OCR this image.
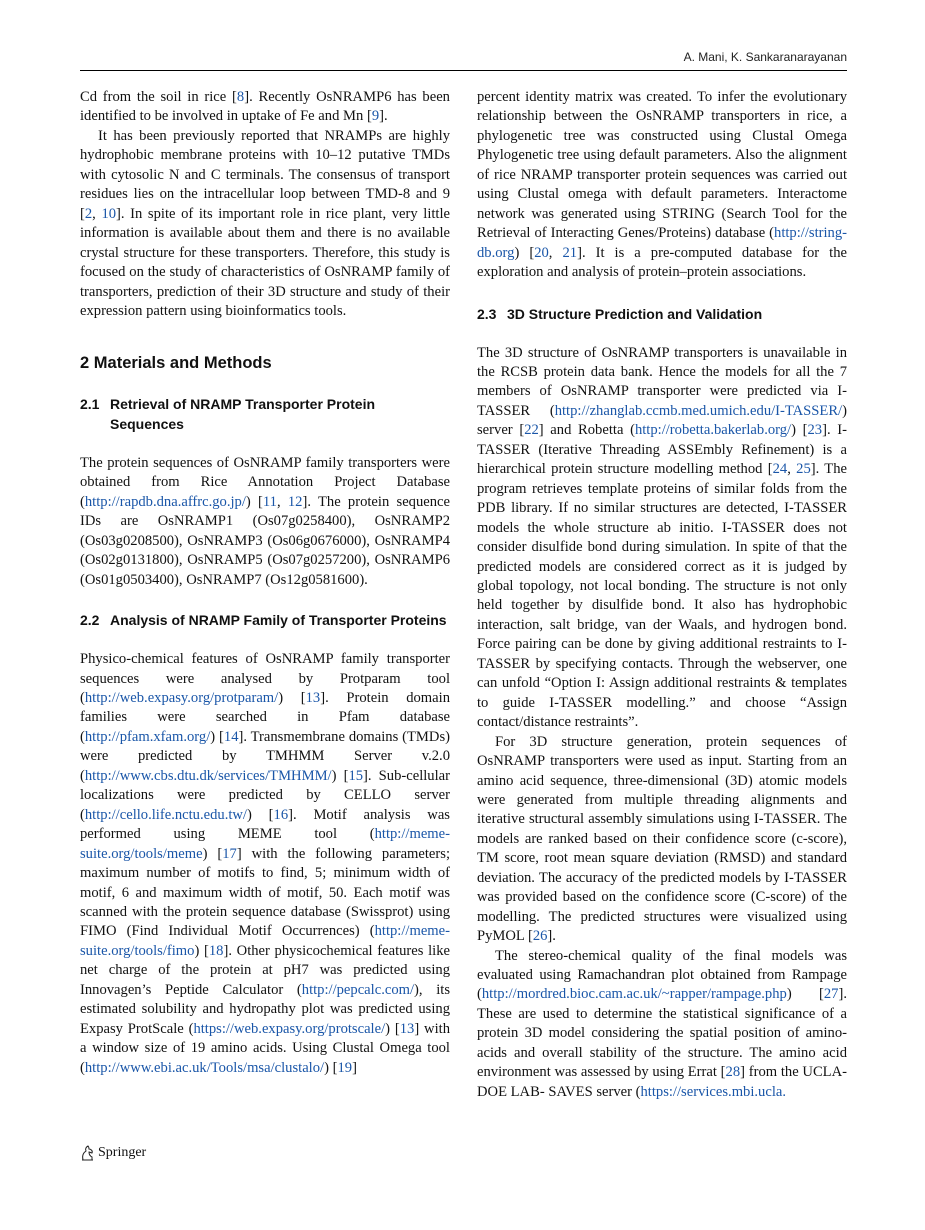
A. Mani, K. Sankaranarayanan

Cd from the soil in rice [8]. Recently OsNRAMP6 has been identified to be involved in uptake of Fe and Mn [9].

It has been previously reported that NRAMPs are highly hydrophobic membrane proteins with 10–12 putative TMDs with cytosolic N and C terminals. The consensus of transport residues lies on the intracellular loop between TMD-8 and 9 [2, 10]. In spite of its important role in rice plant, very little information is available about them and there is no available crystal structure for these transporters. Therefore, this study is focused on the study of characteristics of OsNRAMP family of transporters, prediction of their 3D structure and study of their expression pattern using bioinformatics tools.

2 Materials and Methods
2.1 Retrieval of NRAMP Transporter Protein Sequences

The protein sequences of OsNRAMP family transporters were obtained from Rice Annotation Project Database (http://rapdb.dna.affrc.go.jp/) [11, 12]. The protein sequence IDs are OsNRAMP1 (Os07g0258400), OsNRAMP2 (Os03g0208500), OsNRAMP3 (Os06g0676000), OsNRAMP4 (Os02g0131800), OsNRAMP5 (Os07g0257200), OsNRAMP6 (Os01g0503400), OsNRAMP7 (Os12g0581600).

2.2 Analysis of NRAMP Family of Transporter Proteins

Physico-chemical features of OsNRAMP family transporter sequences were analysed by Protparam tool (http://web.expasy.org/protparam/) [13]. Protein domain families were searched in Pfam database (http://pfam.xfam.org/) [14]. Transmembrane domains (TMDs) were predicted by TMHMM Server v.2.0 (http://www.cbs.dtu.dk/services/TMHMM/) [15]. Sub-cellular localizations were predicted by CELLO server (http://cello.life.nctu.edu.tw/) [16]. Motif analysis was performed using MEME tool (http://meme-suite.org/tools/meme) [17] with the following parameters; maximum number of motifs to find, 5; minimum width of motif, 6 and maximum width of motif, 50. Each motif was scanned with the protein sequence database (Swissprot) using FIMO (Find Individual Motif Occurrences) (http://meme-suite.org/tools/fimo) [18]. Other physicochemical features like net charge of the protein at pH7 was predicted using Innovagen’s Peptide Calculator (http://pepcalc.com/), its estimated solubility and hydropathy plot was predicted using Expasy ProtScale (https://web.expasy.org/protscale/) [13] with a window size of 19 amino acids. Using Clustal Omega tool (http://www.ebi.ac.uk/Tools/msa/clustalo/) [19]

percent identity matrix was created. To infer the evolutionary relationship between the OsNRAMP transporters in rice, a phylogenetic tree was constructed using Clustal Omega Phylogenetic tree using default parameters. Also the alignment of rice NRAMP transporter protein sequences was carried out using Clustal omega with default parameters. Interactome network was generated using STRING (Search Tool for the Retrieval of Interacting Genes/Proteins) database (http://string-db.org) [20, 21]. It is a pre-computed database for the exploration and analysis of protein–protein associations.

2.3 3D Structure Prediction and Validation

The 3D structure of OsNRAMP transporters is unavailable in the RCSB protein data bank. Hence the models for all the 7 members of OsNRAMP transporter were predicted via I-TASSER (http://zhanglab.ccmb.med.umich.edu/I-TASSER/) server [22] and Robetta (http://robetta.bakerlab.org/) [23]. I-TASSER (Iterative Threading ASSEmbly Refinement) is a hierarchical protein structure modelling method [24, 25]. The program retrieves template proteins of similar folds from the PDB library. If no similar structures are detected, I-TASSER models the whole structure ab initio. I-TASSER does not consider disulfide bond during simulation. In spite of that the predicted models are considered correct as it is judged by global topology, not local bonding. The structure is not only held together by disulfide bond. It also has hydrophobic interaction, salt bridge, van der Waals, and hydrogen bond. Force pairing can be done by giving additional restraints to I-TASSER by specifying contacts. Through the webserver, one can unfold “Option I: Assign additional restraints & templates to guide I-TASSER modelling.” and choose “Assign contact/distance restraints”.

For 3D structure generation, protein sequences of OsNRAMP transporters were used as input. Starting from an amino acid sequence, three-dimensional (3D) atomic models were generated from multiple threading alignments and iterative structural assembly simulations using I-TASSER. The models are ranked based on their confidence score (c-score), TM score, root mean square deviation (RMSD) and standard deviation. The accuracy of the predicted models by I-TASSER was provided based on the confidence score (C-score) of the modelling. The predicted structures were visualized using PyMOL [26].

The stereo-chemical quality of the final models was evaluated using Ramachandran plot obtained from Rampage (http://mordred.bioc.cam.ac.uk/~rapper/rampage.php) [27]. These are used to determine the statistical significance of a protein 3D model considering the spatial position of amino-acids and overall stability of the structure. The amino acid environment was assessed by using Errat [28] from the UCLA-DOE LAB- SAVES server (https://services.mbi.ucla.

Springer
